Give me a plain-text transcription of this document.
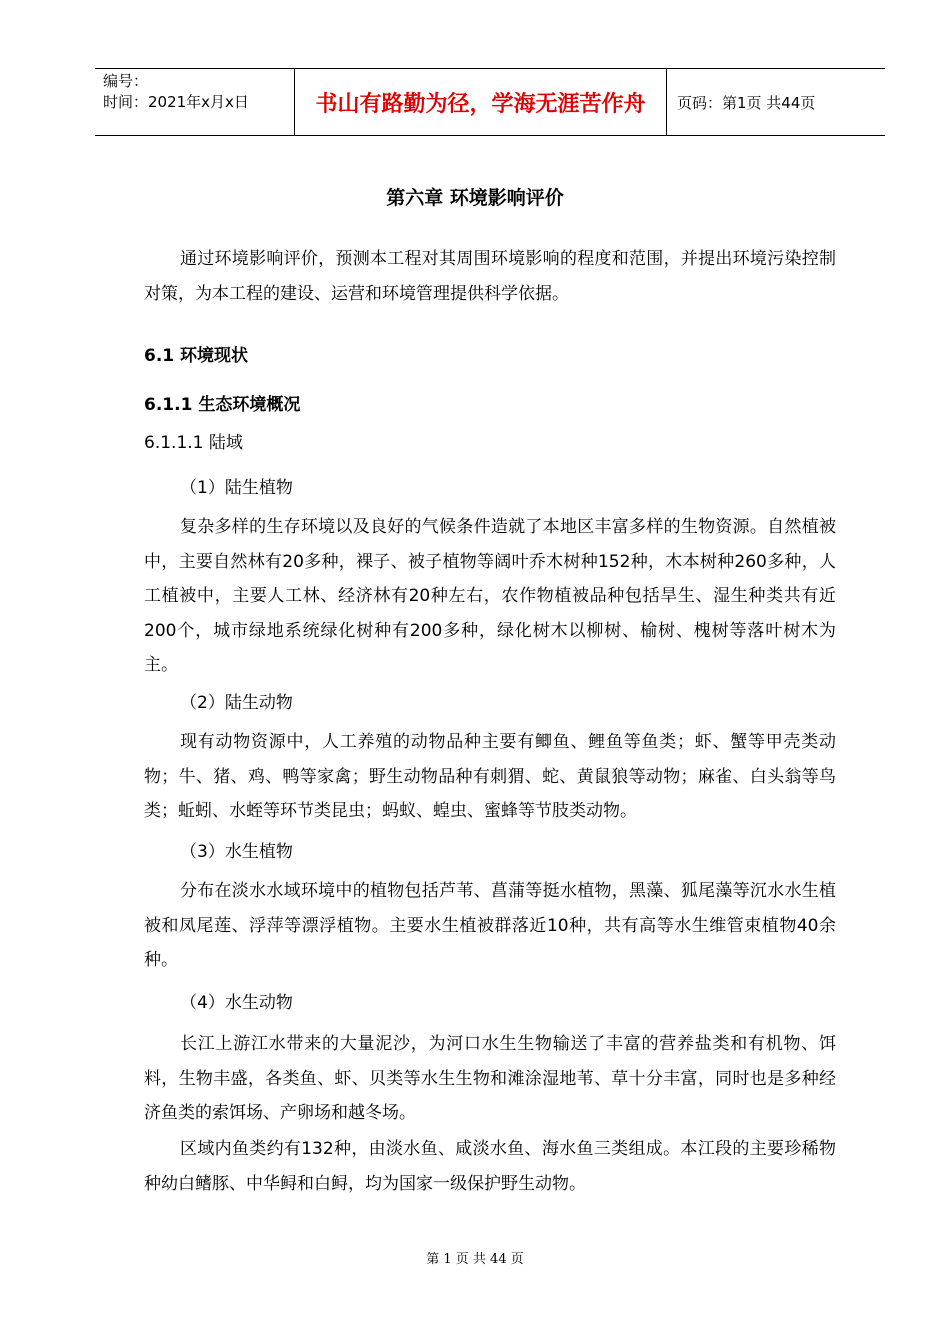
编号：
时间：2021年x月x日	书山有路勤为径，学海无涯苦作舟	页码：第1页 共44页
第六章 环境影响评价

通过环境影响评价，预测本工程对其周围环境影响的程度和范围，并提出环境污染控制对策，为本工程的建设、运营和环境管理提供科学依据。

6.1 环境现状
6.1.1 生态环境概况
6.1.1.1 陆域
（1）陆生植物

复杂多样的生存环境以及良好的气候条件造就了本地区丰富多样的生物资源。自然植被中，主要自然林有20多种，裸子、被子植物等阔叶乔木树种152种，木本树种260多种，人工植被中，主要人工林、经济林有20种左右，农作物植被品种包括旱生、湿生种类共有近200个，城市绿地系统绿化树种有200多种，绿化树木以柳树、榆树、槐树等落叶树木为主。

（2）陆生动物

现有动物资源中，人工养殖的动物品种主要有鲫鱼、鲤鱼等鱼类；虾、蟹等甲壳类动物；牛、猪、鸡、鸭等家禽；野生动物品种有刺猬、蛇、黄鼠狼等动物；麻雀、白头翁等鸟类；蚯蚓、水蛭等环节类昆虫；蚂蚁、蝗虫、蜜蜂等节肢类动物。

（3）水生植物

分布在淡水水域环境中的植物包括芦苇、菖蒲等挺水植物，黑藻、狐尾藻等沉水水生植被和凤尾莲、浮萍等漂浮植物。主要水生植被群落近10种，共有高等水生维管束植物40余种。

（4）水生动物

长江上游江水带来的大量泥沙，为河口水生生物输送了丰富的营养盐类和有机物、饵料，生物丰盛，各类鱼、虾、贝类等水生生物和滩涂湿地苇、草十分丰富，同时也是多种经济鱼类的索饵场、产卵场和越冬场。

区域内鱼类约有132种，由淡水鱼、咸淡水鱼、海水鱼三类组成。本江段的主要珍稀物种幼白鳍豚、中华鲟和白鲟，均为国家一级保护野生动物。

第 1 页 共 44 页
